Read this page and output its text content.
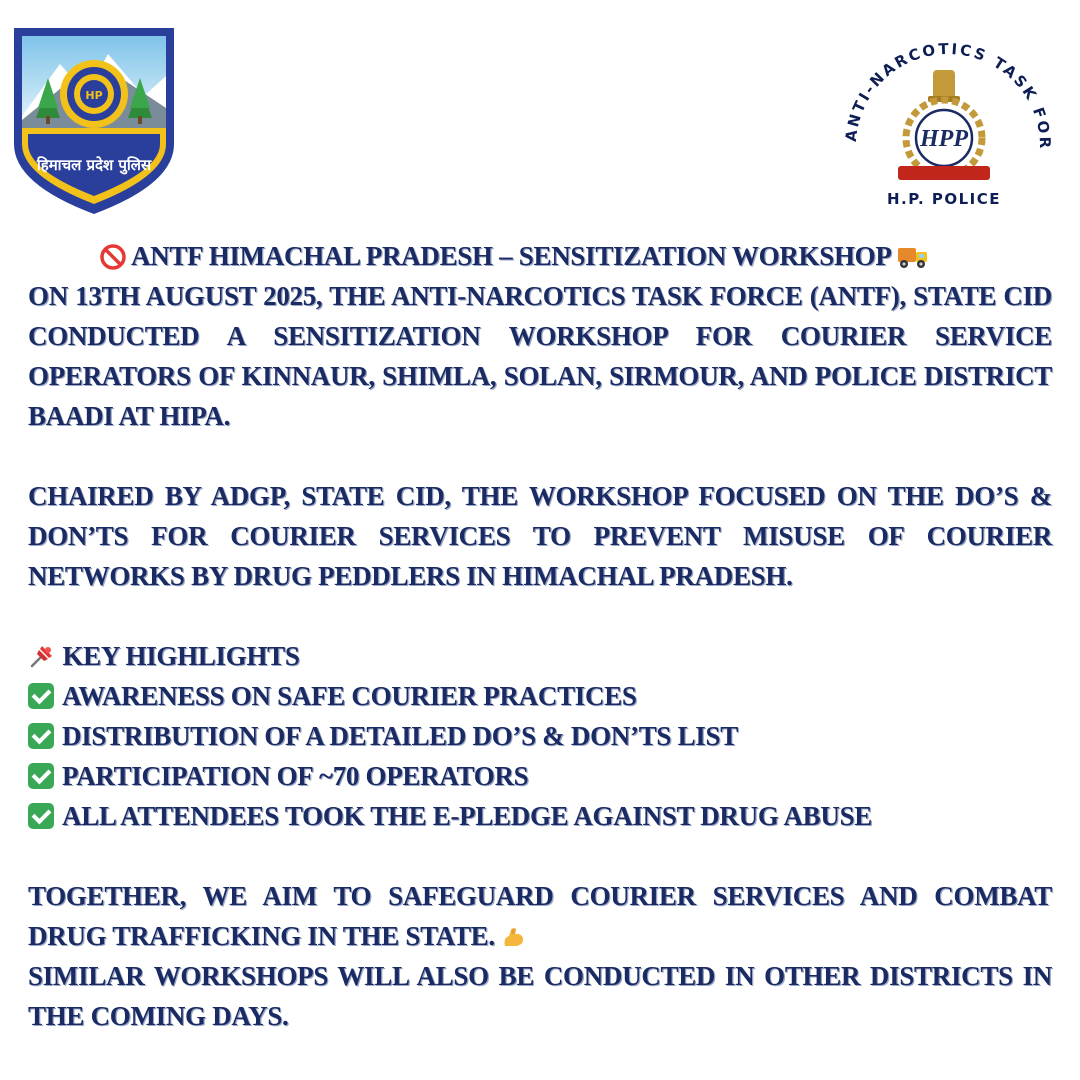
HP
हिमाचल प्रदेश पुलिस
ANTI-NARCOTICS TASK FOR
HPP
H.P. POLICE
ANTF HIMACHAL PRADESH – SENSITIZATION WORKSHOP
ON 13TH AUGUST 2025, THE ANTI-NARCOTICS TASK FORCE (ANTF), STATE CID CONDUCTED A SENSITIZATION WORKSHOP FOR COURIER SERVICE OPERATORS OF KINNAUR, SHIMLA, SOLAN, SIRMOUR, AND POLICE DISTRICT BAADI AT HIPA.
CHAIRED BY ADGP, STATE CID, THE WORKSHOP FOCUSED ON THE DO’S & DON’TS FOR COURIER SERVICES TO PREVENT MISUSE OF COURIER NETWORKS BY DRUG PEDDLERS IN HIMACHAL PRADESH.
KEY HIGHLIGHTS
AWARENESS ON SAFE COURIER PRACTICES
DISTRIBUTION OF A DETAILED DO’S & DON’TS LIST
PARTICIPATION OF ~70 OPERATORS
ALL ATTENDEES TOOK THE E-PLEDGE AGAINST DRUG ABUSE
TOGETHER, WE AIM TO SAFEGUARD COURIER SERVICES AND COMBAT DRUG TRAFFICKING IN THE STATE.
SIMILAR WORKSHOPS WILL ALSO BE CONDUCTED IN OTHER DISTRICTS IN THE COMING DAYS.
